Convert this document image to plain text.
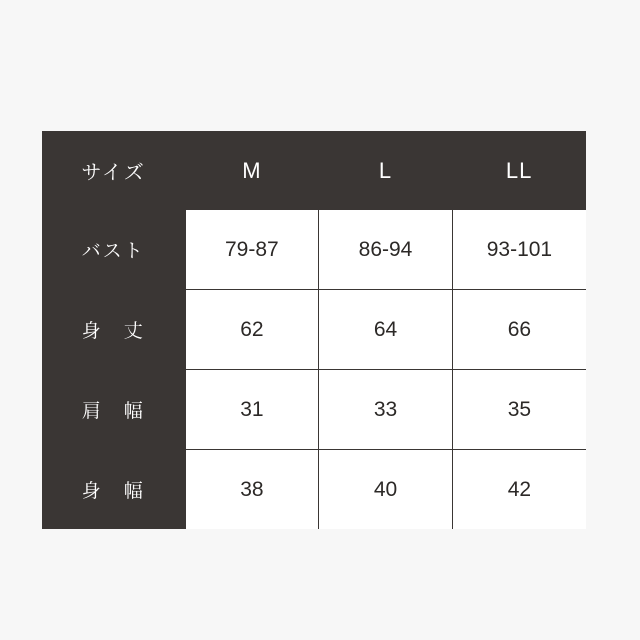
サイズ	M	L	LL
バスト	79-87	86-94	93-101
身　丈	62	64	66
肩　幅	31	33	35
身　幅	38	40	42
